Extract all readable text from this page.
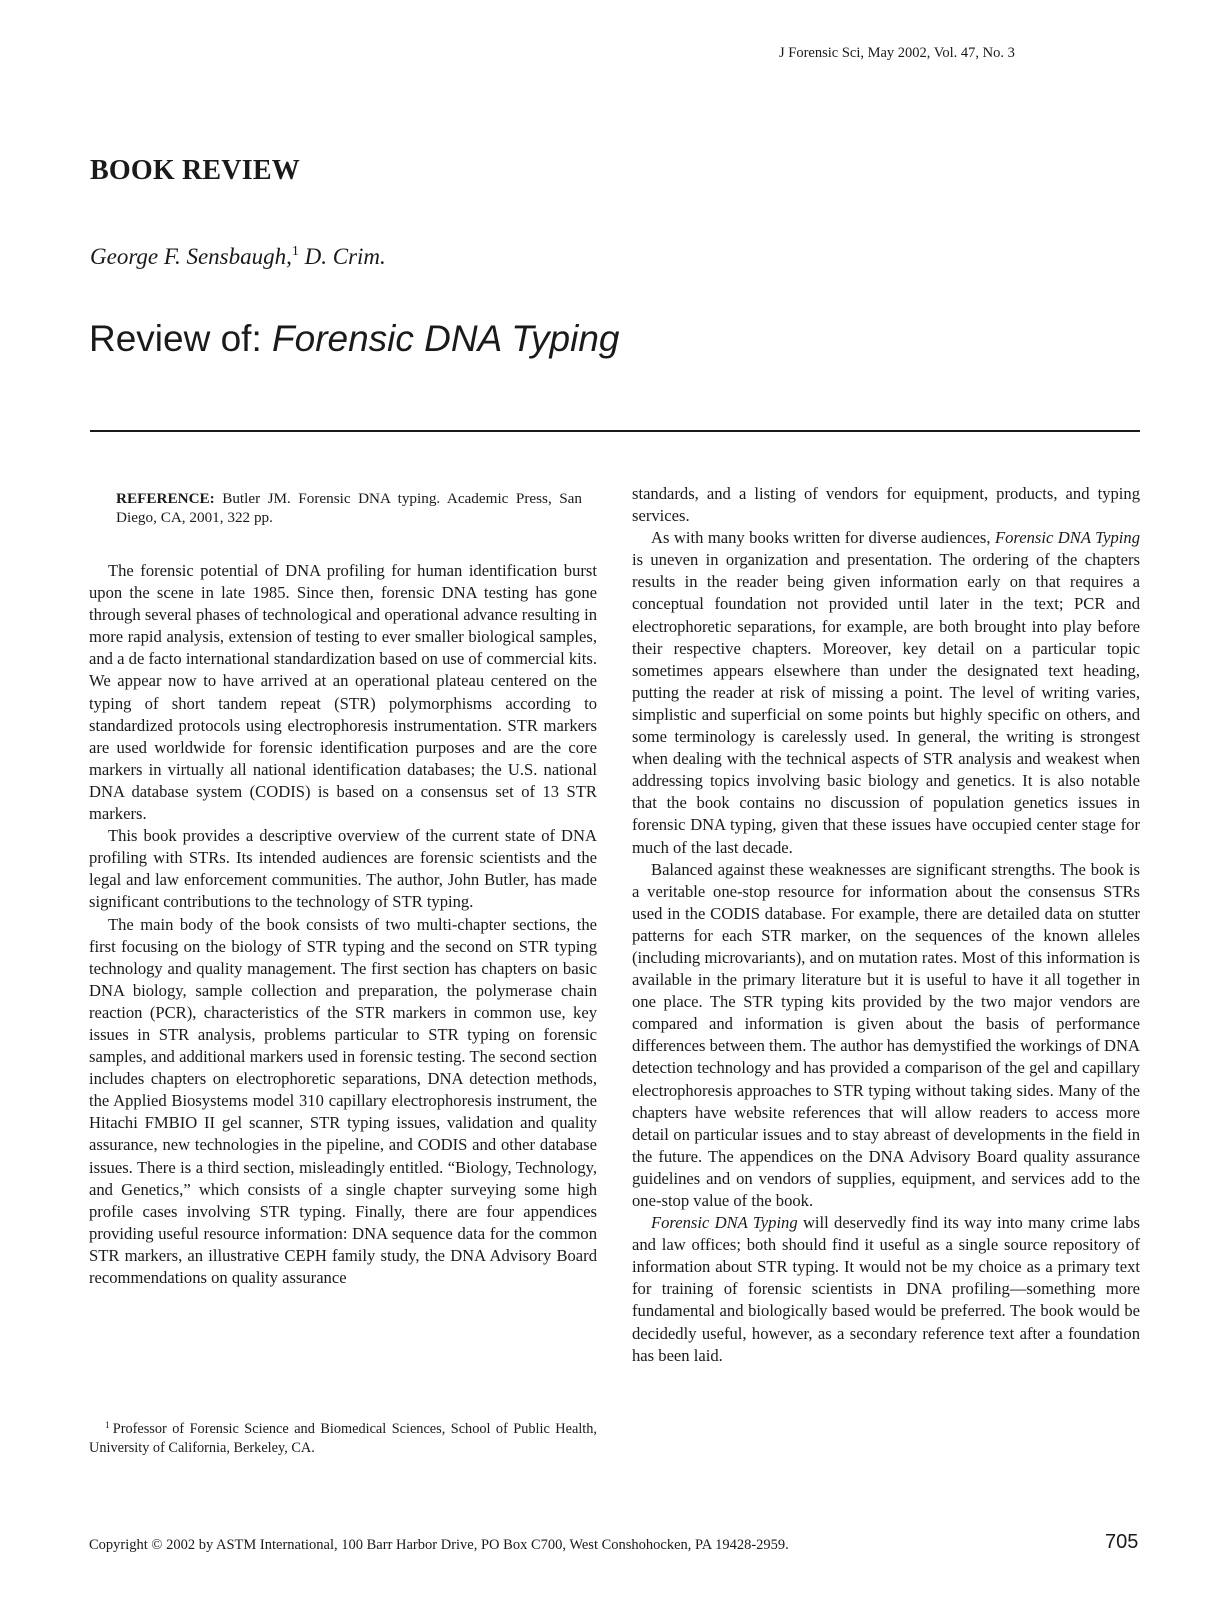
J Forensic Sci, May 2002, Vol. 47, No. 3
BOOK REVIEW
George F. Sensbaugh,$^1$ D. Crim.
Review of: Forensic DNA Typing
REFERENCE: Butler JM. Forensic DNA typing. Academic Press, San Diego, CA, 2001, 322 pp.

The forensic potential of DNA profiling for human identification burst upon the scene in late 1985. Since then, forensic DNA testing has gone through several phases of technological and operational advance resulting in more rapid analysis, extension of testing to ever smaller biological samples, and a de facto international standardization based on use of commercial kits. We appear now to have arrived at an operational plateau centered on the typing of short tandem repeat (STR) polymorphisms according to standardized protocols using electrophoresis instrumentation. STR markers are used worldwide for forensic identification purposes and are the core markers in virtually all national identification databases; the U.S. national DNA database system (CODIS) is based on a consensus set of 13 STR markers.

This book provides a descriptive overview of the current state of DNA profiling with STRs. Its intended audiences are forensic scientists and the legal and law enforcement communities. The author, John Butler, has made significant contributions to the technology of STR typing.

The main body of the book consists of two multi-chapter sections, the first focusing on the biology of STR typing and the second on STR typing technology and quality management. The first section has chapters on basic DNA biology, sample collection and preparation, the polymerase chain reaction (PCR), characteristics of the STR markers in common use, key issues in STR analysis, problems particular to STR typing on forensic samples, and additional markers used in forensic testing. The second section includes chapters on electrophoretic separations, DNA detection methods, the Applied Biosystems model 310 capillary electrophoresis instrument, the Hitachi FMBIO II gel scanner, STR typing issues, validation and quality assurance, new technologies in the pipeline, and CODIS and other database issues. There is a third section, misleadingly entitled. “Biology, Technology, and Genetics,” which consists of a single chapter surveying some high profile cases involving STR typing. Finally, there are four appendices providing useful resource information: DNA sequence data for the common STR markers, an illustrative CEPH family study, the DNA Advisory Board recommendations on quality assurance

standards, and a listing of vendors for equipment, products, and typing services.

As with many books written for diverse audiences, Forensic DNA Typing is uneven in organization and presentation. The ordering of the chapters results in the reader being given information early on that requires a conceptual foundation not provided until later in the text; PCR and electrophoretic separations, for example, are both brought into play before their respective chapters. Moreover, key detail on a particular topic sometimes appears elsewhere than under the designated text heading, putting the reader at risk of missing a point. The level of writing varies, simplistic and superficial on some points but highly specific on others, and some terminology is carelessly used. In general, the writing is strongest when dealing with the technical aspects of STR analysis and weakest when addressing topics involving basic biology and genetics. It is also notable that the book contains no discussion of population genetics issues in forensic DNA typing, given that these issues have occupied center stage for much of the last decade.

Balanced against these weaknesses are significant strengths. The book is a veritable one-stop resource for information about the consensus STRs used in the CODIS database. For example, there are detailed data on stutter patterns for each STR marker, on the sequences of the known alleles (including microvariants), and on mutation rates. Most of this information is available in the primary literature but it is useful to have it all together in one place. The STR typing kits provided by the two major vendors are compared and information is given about the basis of performance differences between them. The author has demystified the workings of DNA detection technology and has provided a comparison of the gel and capillary electrophoresis approaches to STR typing without taking sides. Many of the chapters have website references that will allow readers to access more detail on particular issues and to stay abreast of developments in the field in the future. The appendices on the DNA Advisory Board quality assurance guidelines and on vendors of supplies, equipment, and services add to the one-stop value of the book.

Forensic DNA Typing will deservedly find its way into many crime labs and law offices; both should find it useful as a single source repository of information about STR typing. It would not be my choice as a primary text for training of forensic scientists in DNA profiling—something more fundamental and biologically based would be preferred. The book would be decidedly useful, however, as a secondary reference text after a foundation has been laid.

$^1$ Professor of Forensic Science and Biomedical Sciences, School of Public Health, University of California, Berkeley, CA.
Copyright © 2002 by ASTM International, 100 Barr Harbor Drive, PO Box C700, West Conshohocken, PA 19428-2959.	705
